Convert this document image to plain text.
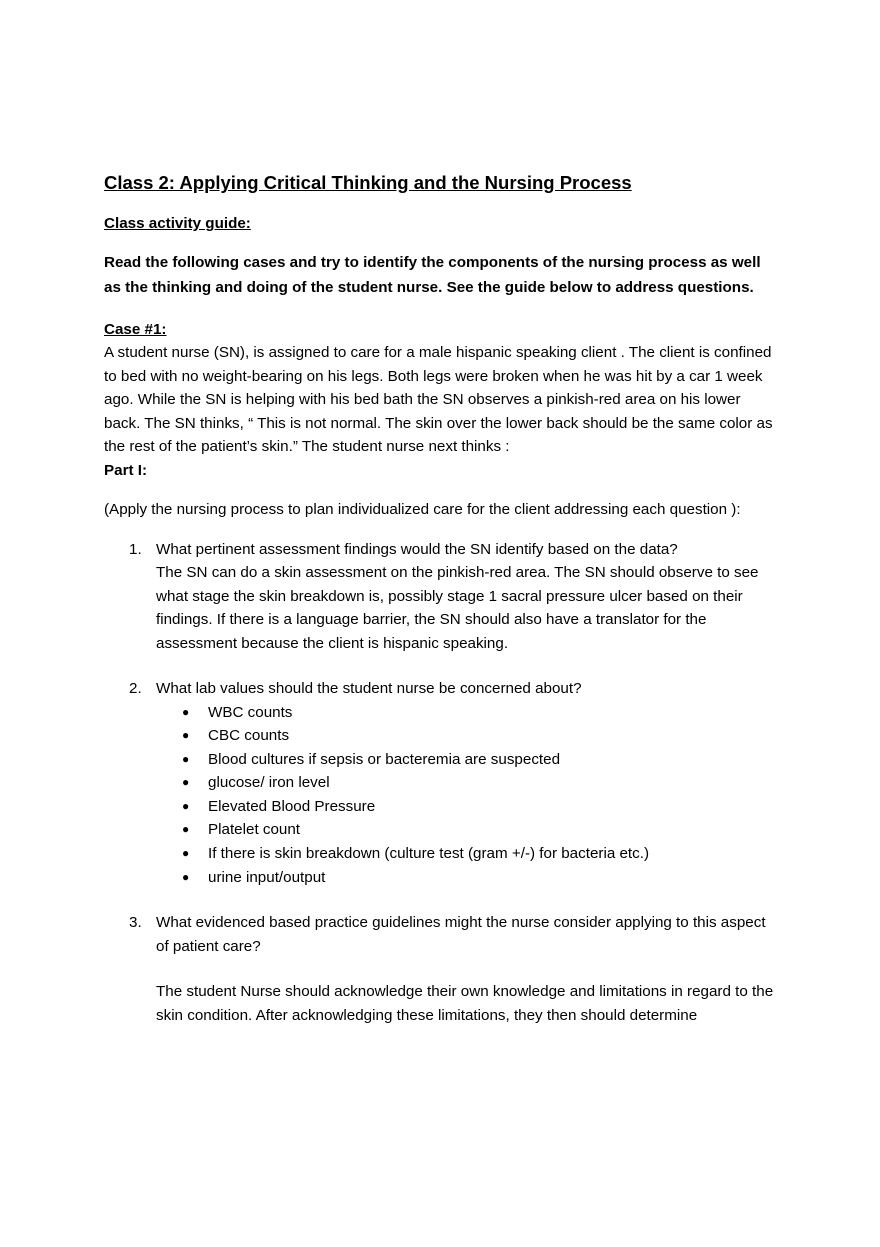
Class 2: Applying Critical Thinking and the Nursing Process
Class activity guide:
Read the following cases and try to identify the components of the nursing process as well as the thinking and doing of the student nurse. See the guide below to address questions.
Case #1:
A student nurse (SN), is assigned to care for a male hispanic speaking client . The client is confined to bed with no weight-bearing on his legs. Both legs were broken when he was hit by a car 1 week ago. While the SN is helping with his bed bath the SN observes a pinkish-red area on his lower back. The SN thinks, “ This is not normal. The skin over the lower back should be the same color as the rest of the patient’s skin.” The student nurse next thinks :
Part I:
(Apply the nursing process to plan individualized care for the client addressing each question ):
1. What pertinent assessment findings would the SN identify based on the data?
The SN can do a skin assessment on the pinkish-red area. The SN should observe to see what stage the skin breakdown is, possibly stage 1 sacral pressure ulcer based on their findings. If there is a language barrier, the SN should also have a translator for the assessment because the client is hispanic speaking.
2. What lab values should the student nurse be concerned about?
● WBC counts
● CBC counts
● Blood cultures if sepsis or bacteremia are suspected
● glucose/ iron level
● Elevated Blood Pressure
● Platelet count
● If there is skin breakdown (culture test (gram +/-) for bacteria etc.)
● urine input/output
3. What evidenced based practice guidelines might the nurse consider applying to this aspect of patient care?
The student Nurse should acknowledge their own knowledge and limitations in regard to the skin condition. After acknowledging these limitations, they then should determine
